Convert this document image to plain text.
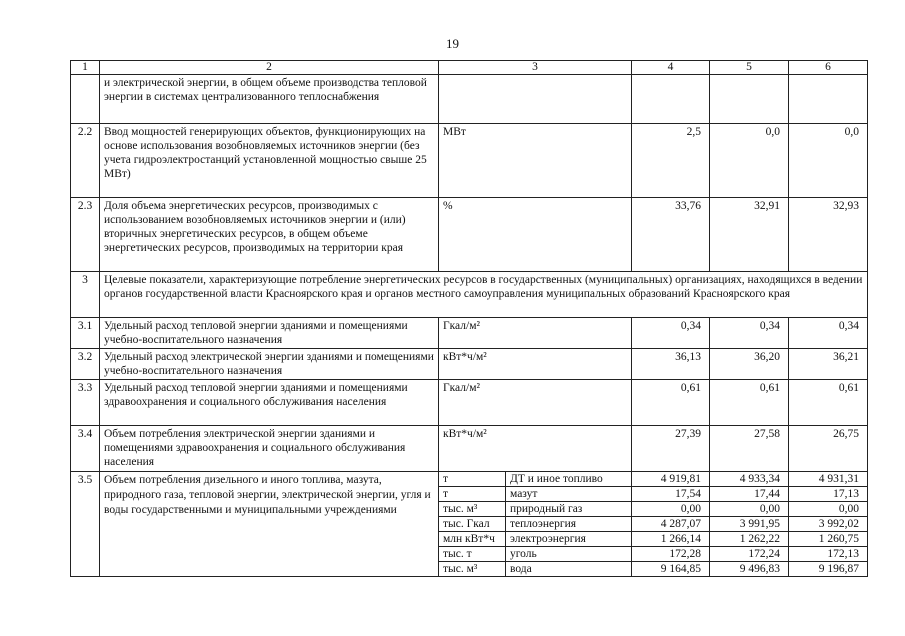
19
1	2	3		4	5	6
	и электрической энергии, в общем объеме производства тепловой энергии в системах централизованного теплоснабжения					
2.2	Ввод мощностей генерирующих объектов, функционирующих на основе использования возобновляемых источников энергии (без учета гидроэлектростанций установленной мощностью свыше 25 МВт)	МВт		2,5	0,0	0,0
2.3	Доля объема энергетических ресурсов, производимых с использованием возобновляемых источников энергии и (или) вторичных энергетических ресурсов, в общем объеме энергетических ресурсов, производимых на территории края	%		33,76	32,91	32,93
3	Целевые показатели, характеризующие потребление энергетических ресурсов в государственных (муниципальных) организациях, находящихся в ведении органов государственной власти Красноярского края и органов местного самоуправления муниципальных образований Красноярского края					
3.1	Удельный расход тепловой энергии зданиями и помещениями учебно-воспитательного назначения	Гкал/м²		0,34	0,34	0,34
3.2	Удельный расход электрической энергии зданиями и помещениями учебно-воспитательного назначения	кВт*ч/м²		36,13	36,20	36,21
3.3	Удельный расход тепловой энергии зданиями и помещениями здравоохранения и социального обслуживания населения	Гкал/м²		0,61	0,61	0,61
3.4	Объем потребления электрической энергии зданиями и помещениями здравоохранения и социального обслуживания населения	кВт*ч/м²		27,39	27,58	26,75
3.5	Объем потребления дизельного и иного топлива, мазута, природного газа, тепловой энергии, электрической энергии, угля и воды государственными и муниципальными учреждениями	т	ДТ и иное топливо	4 919,81	4 933,34	4 931,31
		т	мазут	17,54	17,44	17,13
		тыс. м³	природный газ	0,00	0,00	0,00
		тыс. Гкал	теплоэнергия	4 287,07	3 991,95	3 992,02
		млн кВт*ч	электроэнергия	1 266,14	1 262,22	1 260,75
		тыс. т	уголь	172,28	172,24	172,13
		тыс. м³	вода	9 164,85	9 496,83	9 196,87
